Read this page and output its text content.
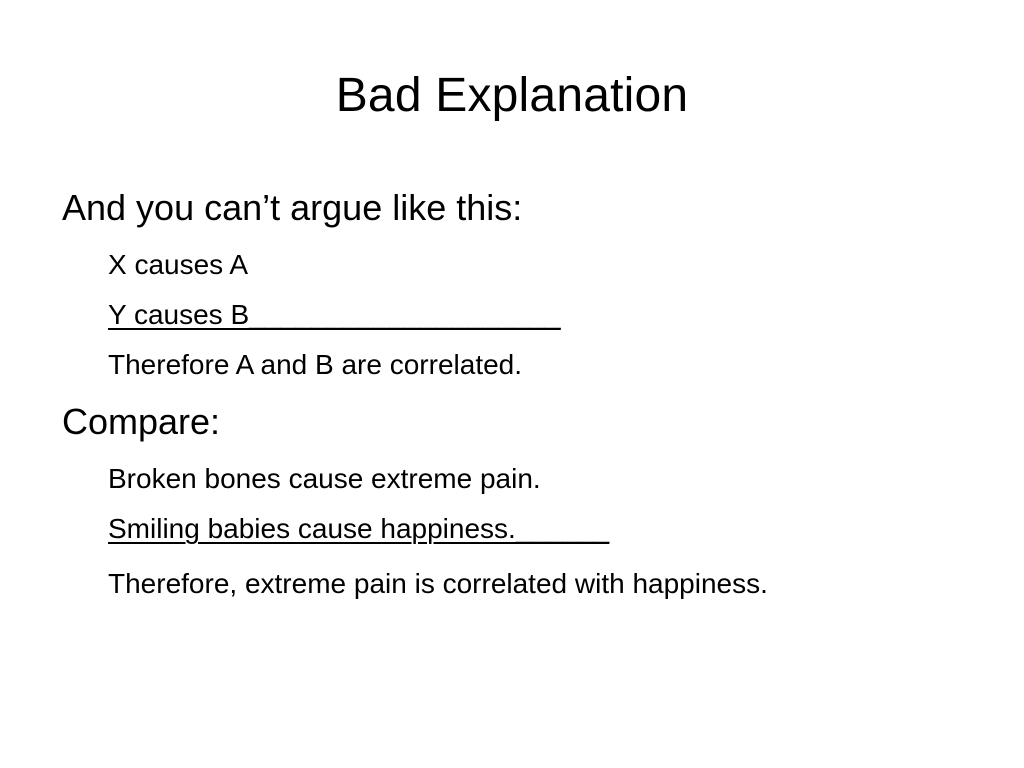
Bad Explanation

And you can’t argue like this:

X causes A

Y causes B____________________

Therefore A and B are correlated.

Compare:

Broken bones cause extreme pain.

Smiling babies cause happiness.______

Therefore, extreme pain is correlated with happiness.
